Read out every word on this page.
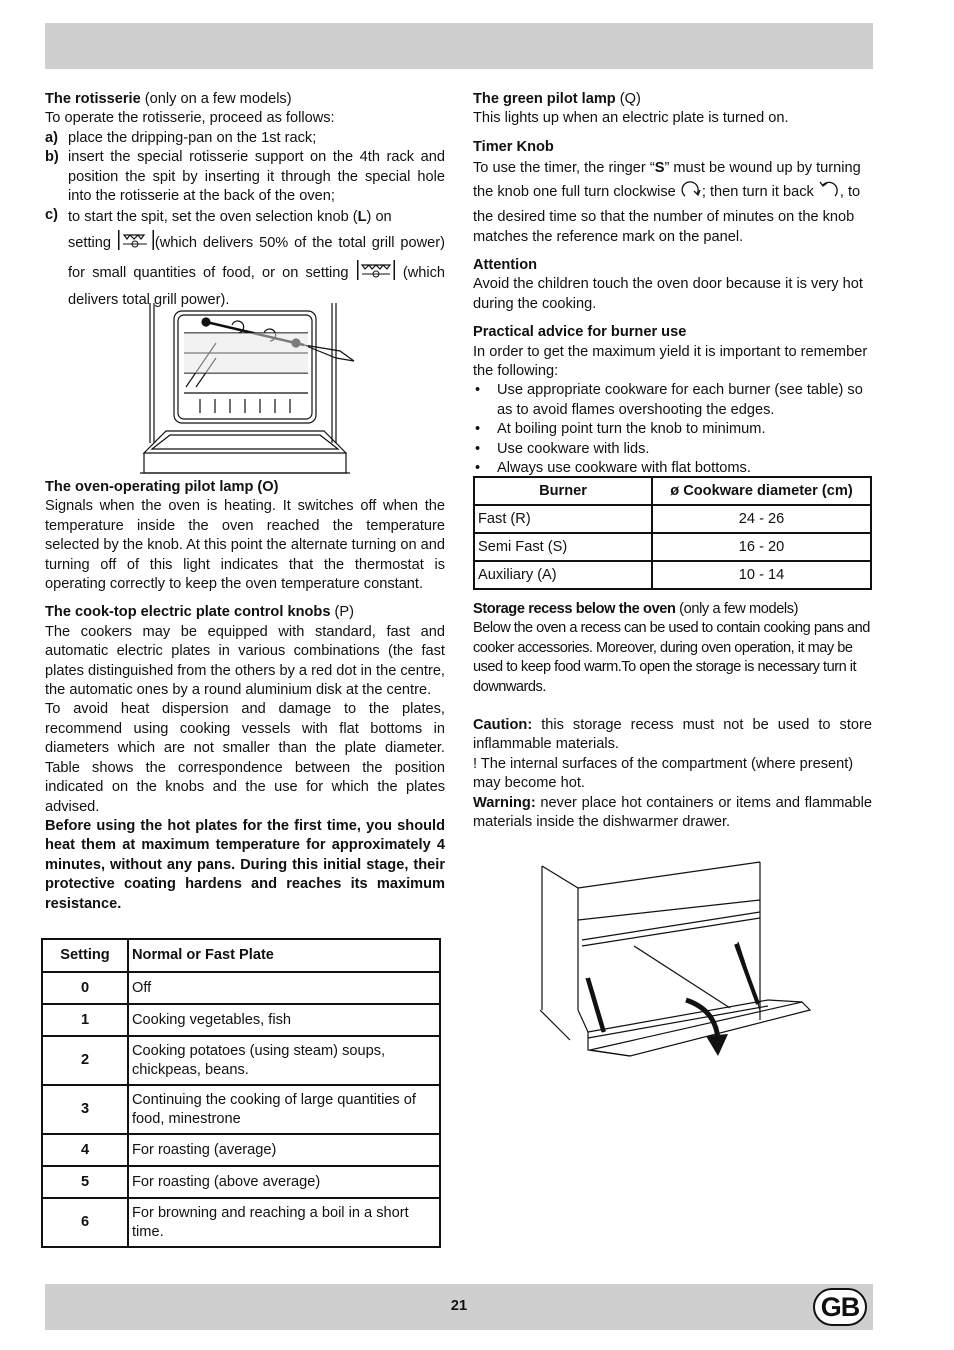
The rotisserie (only on a few models)

To operate the rotisserie, proceed as follows:

a) place the dripping-pan on the 1st rack;
b) insert the special rotisserie support on the 4th rack and position the spit by inserting it through the special hole into the rotisserie at the back of the oven;
c) to start the spit, set the oven selection knob (L) on
setting	(which delivers 50% of the total grill power) for small quantities of food, or on setting	(which delivers total grill power).

The oven-operating pilot lamp (O)

Signals when the oven is heating. It switches off when the temperature inside the oven reached the temperature selected by the knob. At this point the alternate turning on and turning off of this light indicates that the thermostat is operating correctly to keep the oven temperature constant.

The cook-top electric plate control knobs (P)

The cookers may be equipped with standard, fast and automatic electric plates in various combinations (the fast plates distinguished from the others by a red dot in the centre, the automatic ones by a round aluminium disk at the centre.

To avoid heat dispersion and damage to the plates, recommend using cooking vessels with flat bottoms in diameters which are not smaller than the plate diameter. Table shows the correspondence between the position indicated on the knobs and the use for which the plates advised.

Before using the hot plates for the first time, you should heat them at maximum temperature for approximately 4 minutes, without any pans. During this initial stage, their protective coating hardens and reaches its maximum resistance.

Setting	Normal or Fast Plate
0	Off
1	Cooking vegetables, fish
2	Cooking potatoes (using steam) soups, chickpeas, beans.
3	Continuing the cooking of large quantities of food, minestrone
4	For roasting (average)
5	For roasting (above average)
6	For browning and reaching a boil in a short time.

The green pilot lamp (Q)

This lights up when an electric plate is turned on.

Timer Knob

To use the timer, the ringer “S” must be wound up by turning
the knob one full turn clockwise ; then turn it back , to

the desired time so that the number of minutes on the knob matches the reference mark on the panel.

Attention

Avoid the children touch the oven door because it is very hot during the cooking.

Practical advice for burner use

In order to get the maximum yield it is important to remember the following:

•	Use appropriate cookware for each burner (see table) so as to avoid flames overshooting the edges.
•	At boiling point turn the knob to minimum.
•	Use cookware with lids.
•	Always use cookware with flat bottoms.
Burner	ø Cookware diameter (cm)
Fast (R)	24 - 26
Semi Fast (S)	16 - 20
Auxiliary (A)	10 - 14

Storage recess below the oven (only a few models)

Below the oven a recess can be used to contain cooking pans and cooker accessories. Moreover, during oven operation, it may be used to keep food warm.To open the storage is necessary turn it downwards.

Caution: this storage recess must not be used to store inflammable materials.

! The internal surfaces of the compartment (where present) may become hot.

Warning: never place hot containers or items and flammable materials inside the dishwarmer drawer.

21	GB
